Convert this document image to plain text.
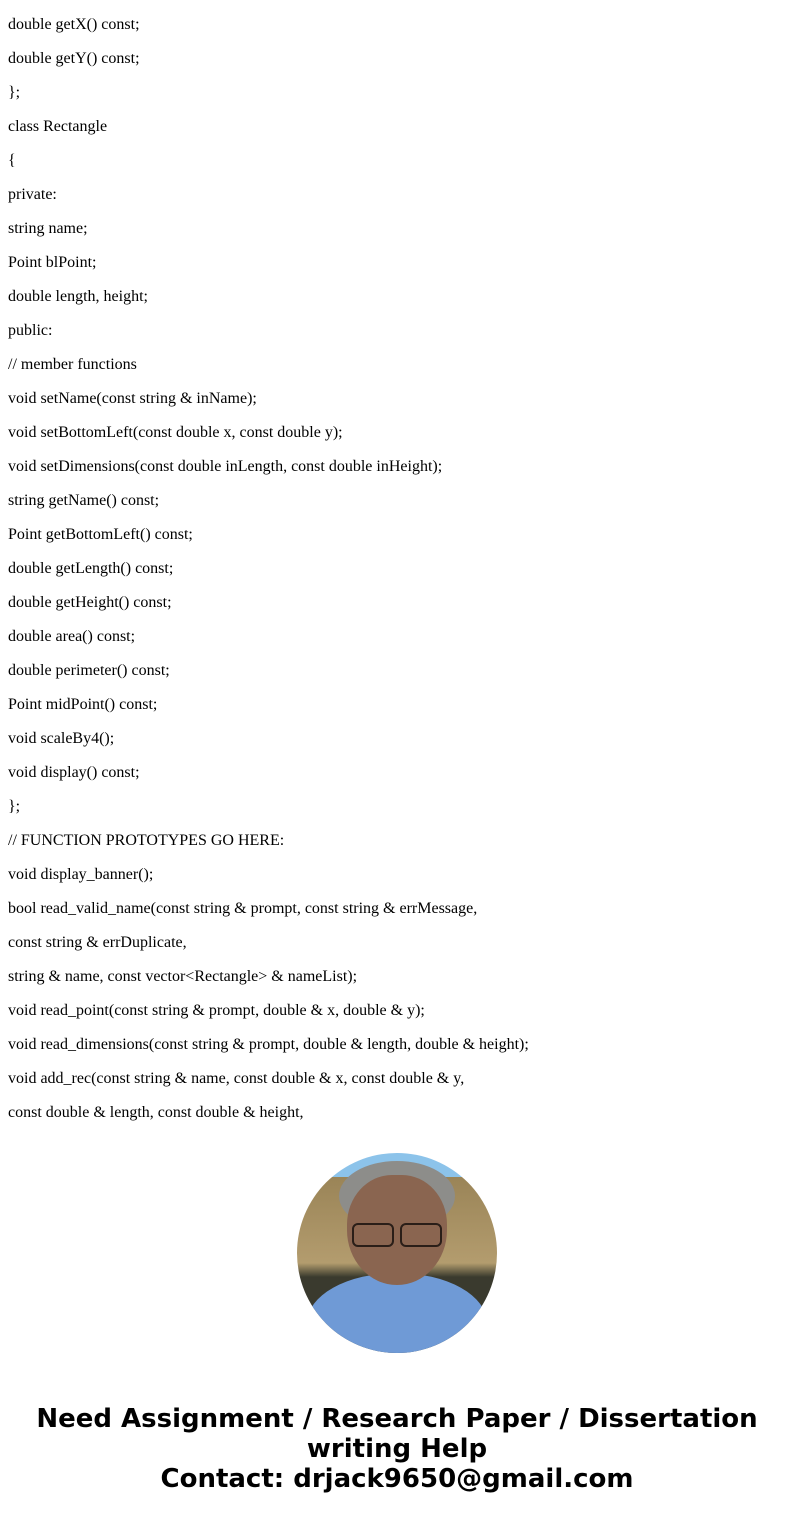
double getX() const;

double getY() const;

};

class Rectangle

{

private:

string name;

Point blPoint;

double length, height;

public:

// member functions

void setName(const string & inName);

void setBottomLeft(const double x, const double y);

void setDimensions(const double inLength, const double inHeight);

string getName() const;

Point getBottomLeft() const;

double getLength() const;

double getHeight() const;

double area() const;

double perimeter() const;

Point midPoint() const;

void scaleBy4();

void display() const;

};

// FUNCTION PROTOTYPES GO HERE:

void display_banner();

bool read_valid_name(const string & prompt, const string & errMessage,

const string & errDuplicate,

string & name, const vector<Rectangle> & nameList);

void read_point(const string & prompt, double & x, double & y);

void read_dimensions(const string & prompt, double & length, double & height);

void add_rec(const string & name, const double & x, const double & y,

const double & length, const double & height,

Need Assignment / Research Paper / Dissertation
writing Help
Contact: drjack9650@gmail.com
